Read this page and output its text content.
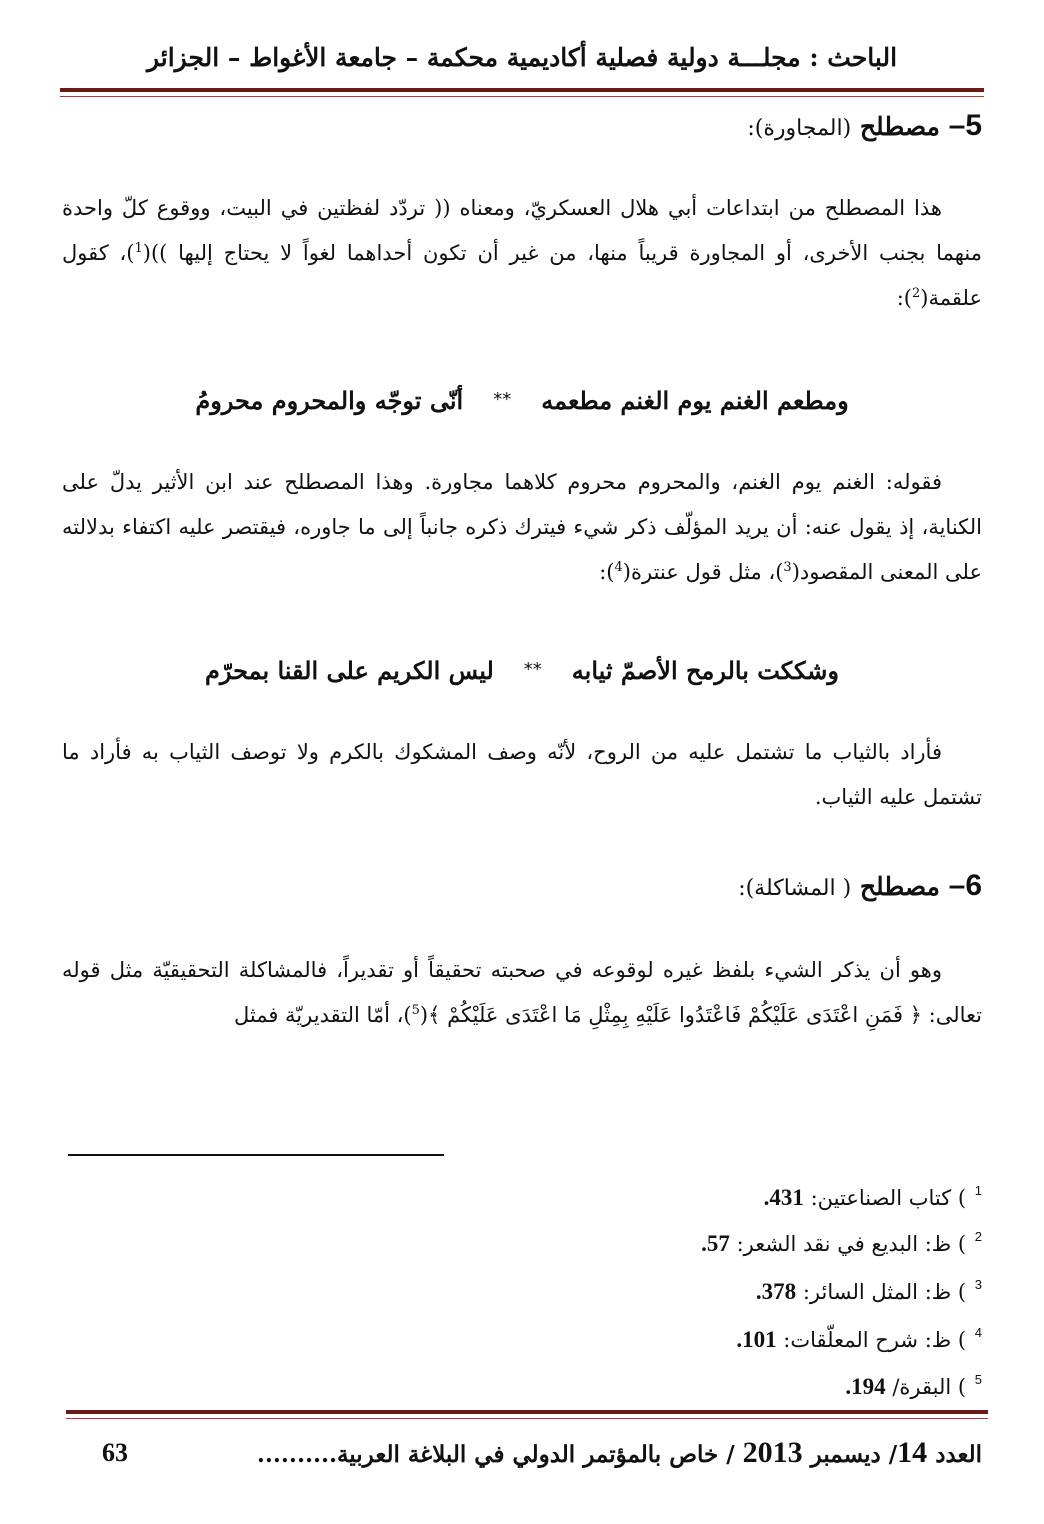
الباحث : مجلـــة دولية فصلية أكاديمية محكمة – جامعة الأغواط – الجزائر
5– مصطلح (المجاورة):

هذا المصطلح من ابتداعات أبي هلال العسكريّ، ومعناه (( تردّد لفظتين في البيت، ووقوع كلّ واحدة منهما بجنب الأخرى، أو المجاورة قريباً منها، من غير أن تكون أحداهما لغواً لا يحتاج إليها ))($^1$)، كقول علقمة($^2$):

ومطعم الغنم يوم الغنم مطعمه**أنّى توجّه والمحروم محرومُ

فقوله: الغنم يوم الغنم، والمحروم محروم كلاهما مجاورة. وهذا المصطلح عند ابن الأثير يدلّ على الكناية، إذ يقول عنه: أن يريد المؤلّف ذكر شيء فيترك ذكره جانباً إلى ما جاوره، فيقتصر عليه اكتفاء بدلالته على المعنى المقصود($^3$)، مثل قول عنترة($^4$):

وشككت بالرمح الأصمّ ثيابه**ليس الكريم على القنا بمحرّم

فأراد بالثياب ما تشتمل عليه من الروح، لأنّه وصف المشكوك بالكرم ولا توصف الثياب به فأراد ما تشتمل عليه الثياب.

6– مصطلح ( المشاكلة):

وهو أن يذكر الشيء بلفظ غيره لوقوعه في صحبته تحقيقاً أو تقديراً، فالمشاكلة التحقيقيّة مثل قوله تعالى: ﴿ فَمَنِ اعْتَدَى عَلَيْكُمْ فَاعْتَدُوا عَلَيْهِ بِمِثْلِ مَا اعْتَدَى عَلَيْكُمْ ﴾($^5$)، أمّا التقديريّة فمثل

$^1$ ) كتاب الصناعتين: 431.
$^2$ ) ظ: البديع في نقد الشعر: 57.
$^3$ ) ظ: المثل السائر: 378.
$^4$ ) ظ: شرح المعلّقات: 101.
$^5$ ) البقرة/ 194.
العدد 14/ ديسمبر 2013 / خاص بالمؤتمر الدولي في البلاغة العربية..........
63
